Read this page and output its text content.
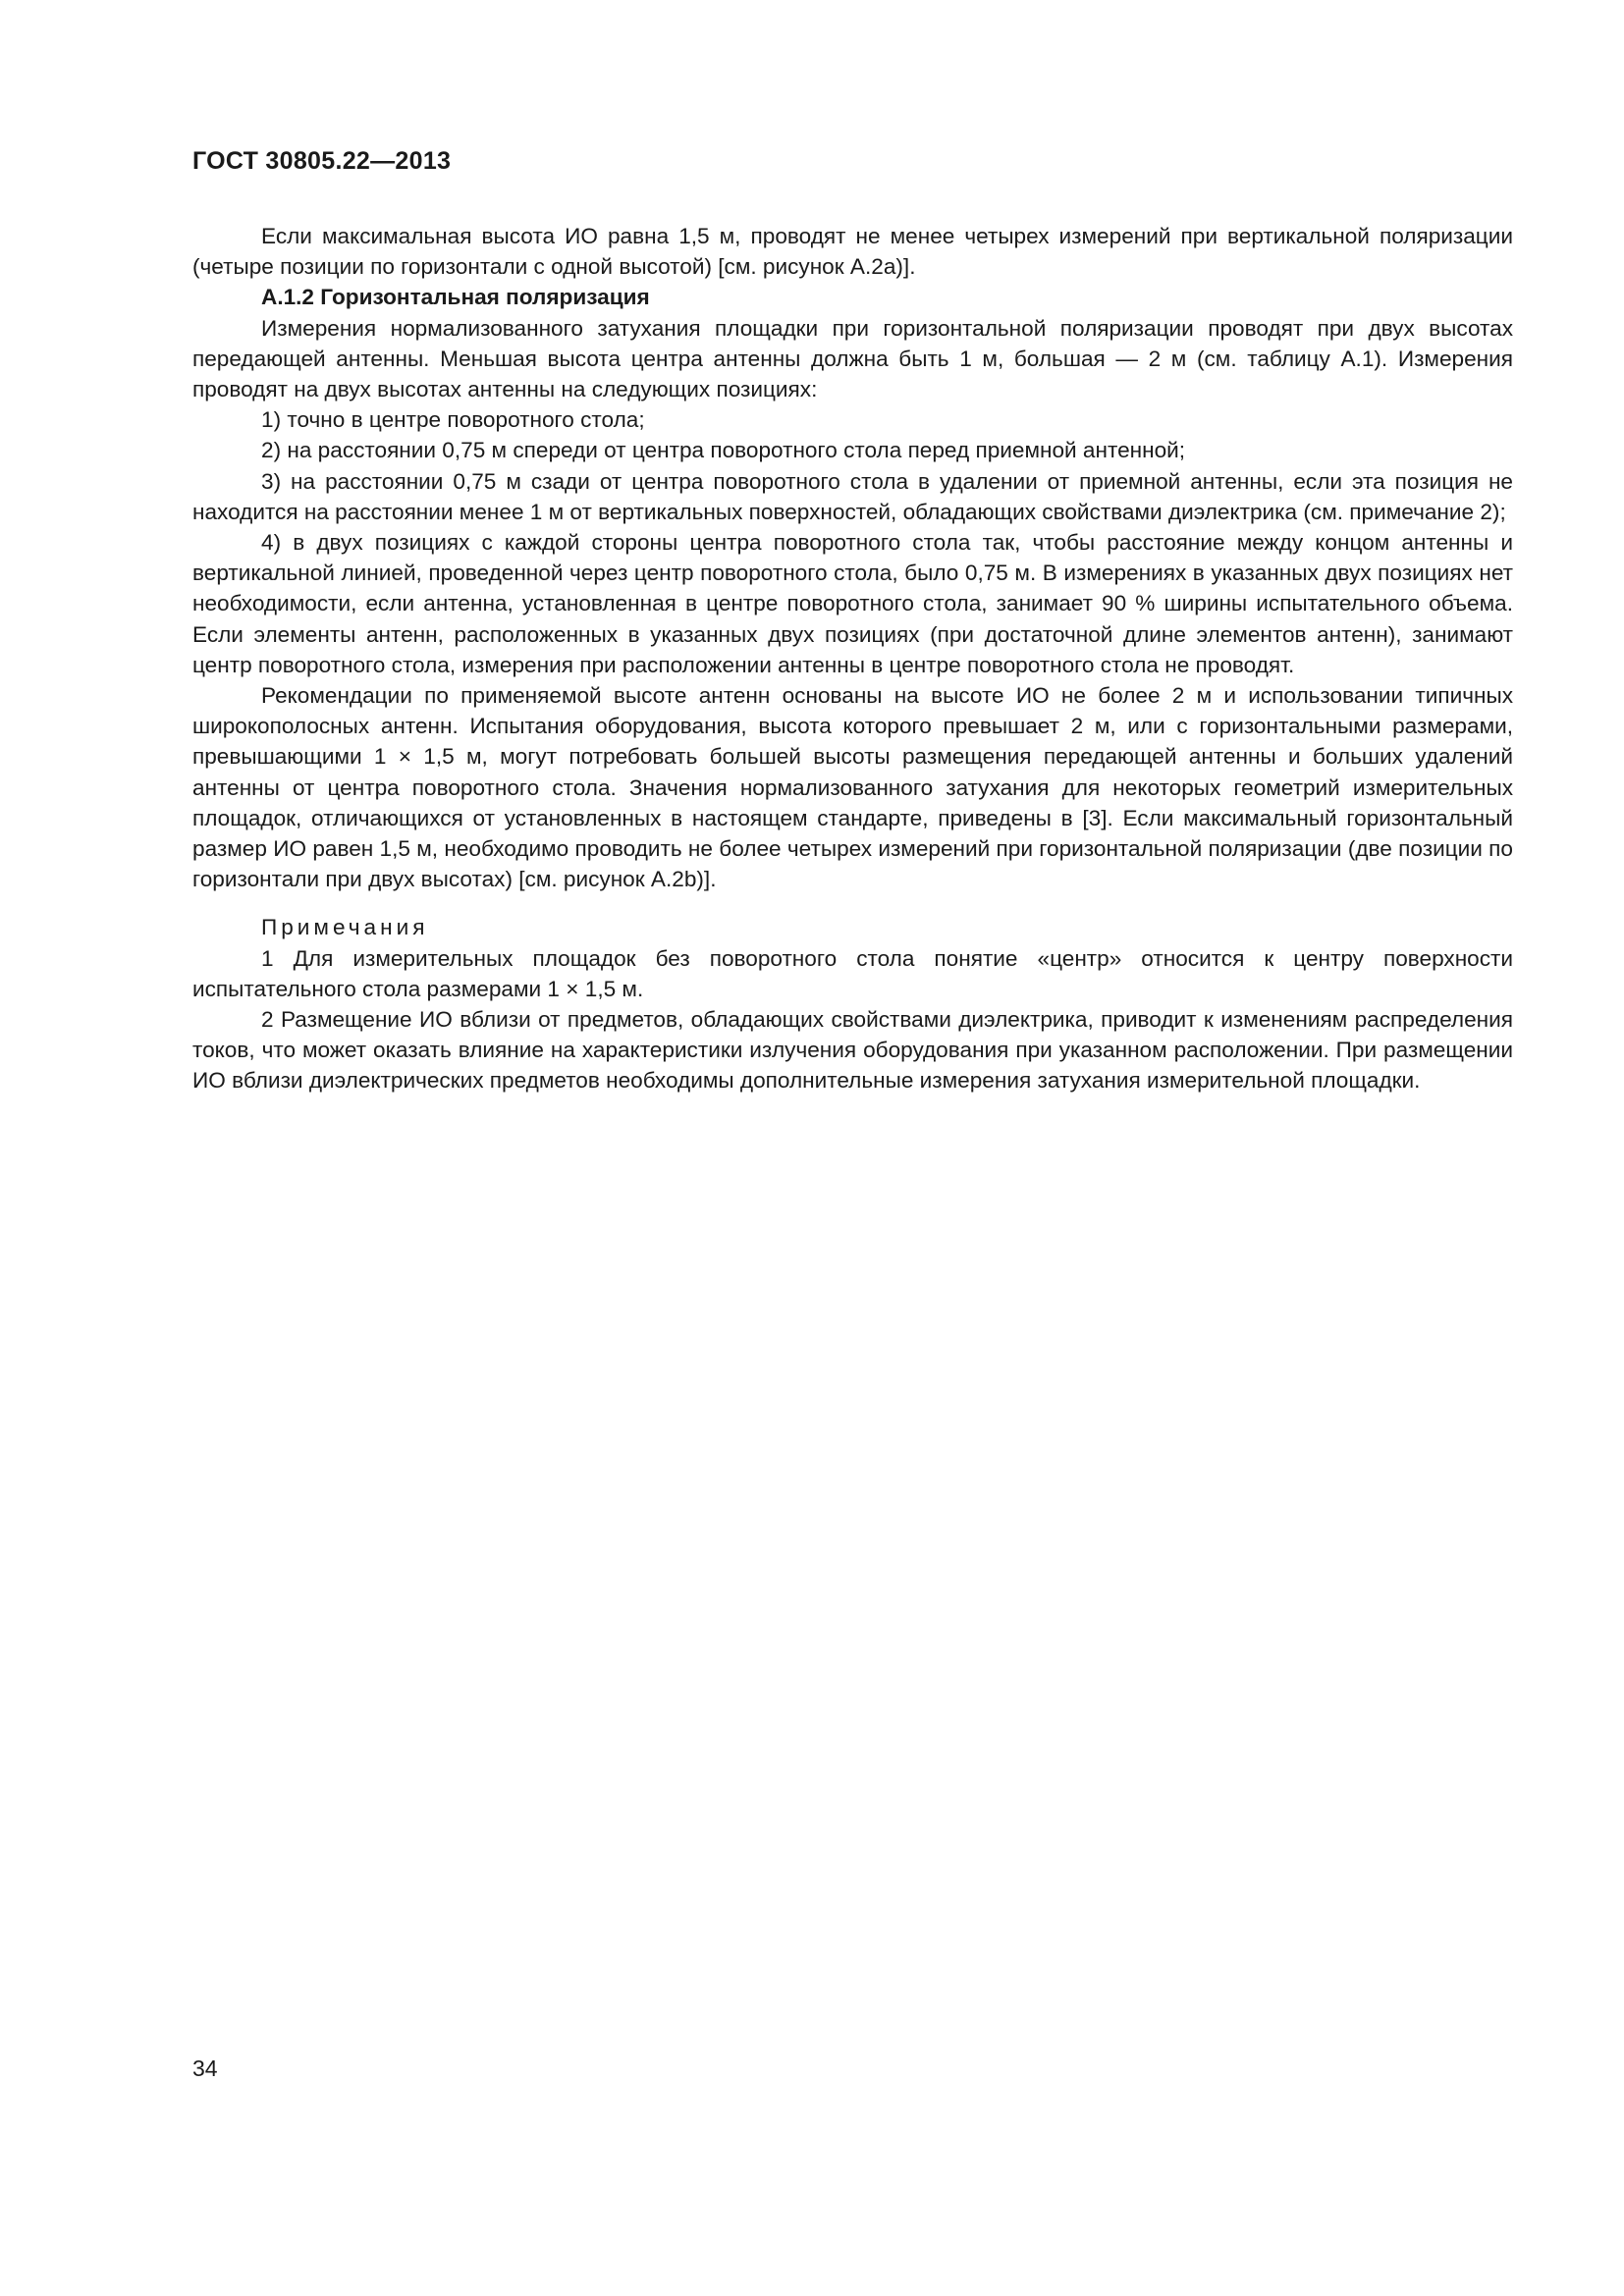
ГОСТ 30805.22—2013

Если максимальная высота ИО равна 1,5 м, проводят не менее четырех измерений при вертикальной поляризации (четыре позиции по горизонтали с одной высотой) [см. рисунок А.2а)].

А.1.2 Горизонтальная поляризация

Измерения нормализованного затухания площадки при горизонтальной поляризации проводят при двух высотах передающей антенны. Меньшая высота центра антенны должна быть 1 м, большая — 2 м (см. таблицу А.1). Измерения проводят на двух высотах антенны на следующих позициях:

1) точно в центре поворотного стола;

2) на расстоянии 0,75 м спереди от центра поворотного стола перед приемной антенной;

3) на расстоянии 0,75 м сзади от центра поворотного стола в удалении от приемной антенны, если эта позиция не находится на расстоянии менее 1 м от вертикальных поверхностей, обладающих свойствами диэлектрика (см. примечание 2);

4) в двух позициях с каждой стороны центра поворотного стола так, чтобы расстояние между концом антенны и вертикальной линией, проведенной через центр поворотного стола, было 0,75 м. В измерениях в указанных двух позициях нет необходимости, если антенна, установленная в центре поворотного стола, занимает 90 % ширины испытательного объема. Если элементы антенн, расположенных в указанных двух позициях (при достаточной длине элементов антенн), занимают центр поворотного стола, измерения при расположении антенны в центре поворотного стола не проводят.

Рекомендации по применяемой высоте антенн основаны на высоте ИО не более 2 м и использовании типичных широкополосных антенн. Испытания оборудования, высота которого превышает 2 м, или с горизонтальными размерами, превышающими 1 × 1,5 м, могут потребовать большей высоты размещения передающей антенны и больших удалений антенны от центра поворотного стола. Значения нормализованного затухания для некоторых геометрий измерительных площадок, отличающихся от установленных в настоящем стандарте, приведены в [3]. Если максимальный горизонтальный размер ИО равен 1,5 м, необходимо проводить не более четырех измерений при горизонтальной поляризации (две позиции по горизонтали при двух высотах) [см. рисунок А.2b)].

Примечания

1 Для измерительных площадок без поворотного стола понятие «центр» относится к центру поверхности испытательного стола размерами 1 × 1,5 м.

2 Размещение ИО вблизи от предметов, обладающих свойствами диэлектрика, приводит к изменениям распределения токов, что может оказать влияние на характеристики излучения оборудования при указанном расположении. При размещении ИО вблизи диэлектрических предметов необходимы дополнительные измерения затухания измерительной площадки.

34
